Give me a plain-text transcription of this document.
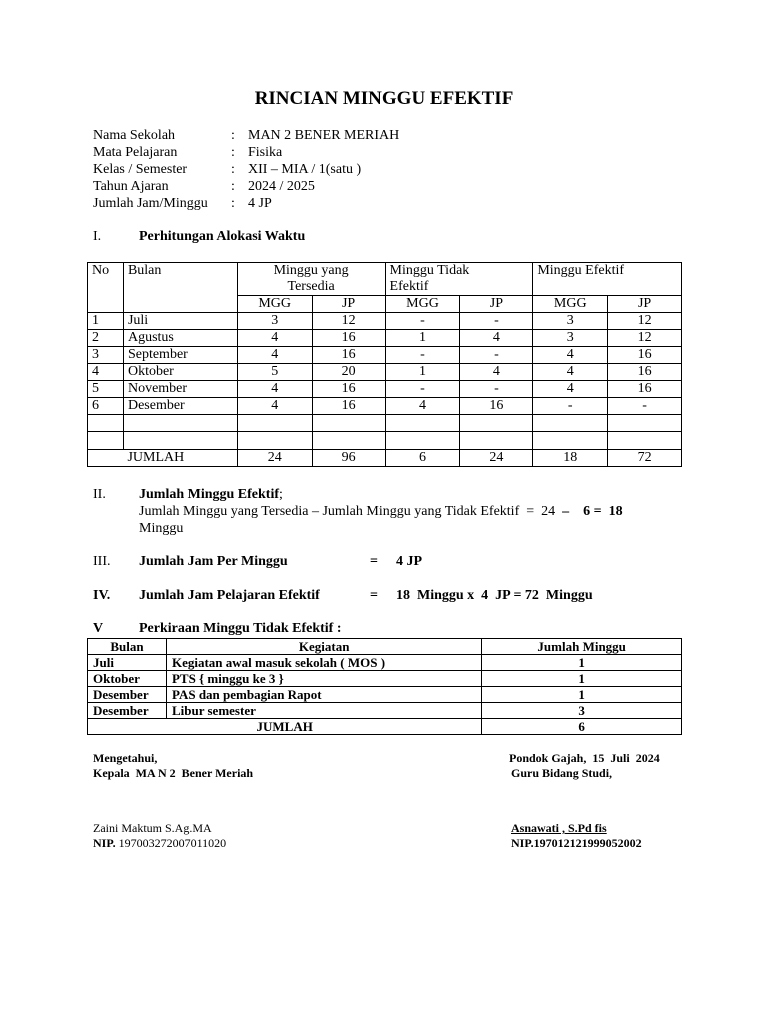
RINCIAN MINGGU EFEKTIF
Nama Sekolah	: MAN 2 BENER MERIAH
Mata Pelajaran	: Fisika
Kelas / Semester	: XII – MIA / 1(satu )
Tahun Ajaran	: 2024 / 2025
Jumlah Jam/Minggu	: 4 JP
I.	Perhitungan Alokasi Waktu
No	Bulan	Minggu yang Tersedia		Minggu Tidak Efektif		Minggu Efektif	
		MGG	JP	MGG	JP	MGG	JP
1	Juli	3	12	-	-	3	12
2	Agustus	4	16	1	4	3	12
3	September	4	16	-	-	4	16
4	Oktober	5	20	1	4	4	16
5	November	4	16	-	-	4	16
6	Desember	4	16	4	16	-	-

	JUMLAH	24	96	6	24	18	72
II. Jumlah Minggu Efektif;
Jumlah Minggu yang Tersedia – Jumlah Minggu yang Tidak Efektif  =  24 –    6 =  18
Minggu
III. Jumlah Jam Per Minggu	= 4 JP
IV. Jumlah Jam Pelajaran Efektif	= 18  Minggu x  4  JP = 72  Minggu
V	Perkiraan Minggu Tidak Efektif :
Bulan	Kegiatan	Jumlah Minggu
Juli	Kegiatan awal masuk sekolah ( MOS )	1
Oktober	PTS { minggu ke 3 }	1
Desember	PAS dan pembagian Rapot	1
Desember	Libur semester	3
JUMLAH		6
Mengetahui,
Kepala  MA N 2  Bener Meriah
Pondok Gajah,  15  Juli  2024
Guru Bidang Studi,
Zaini Maktum S.Ag.MA
NIP. 197003272007011020
Asnawati , S.Pd fis
NIP.197012121999052002
